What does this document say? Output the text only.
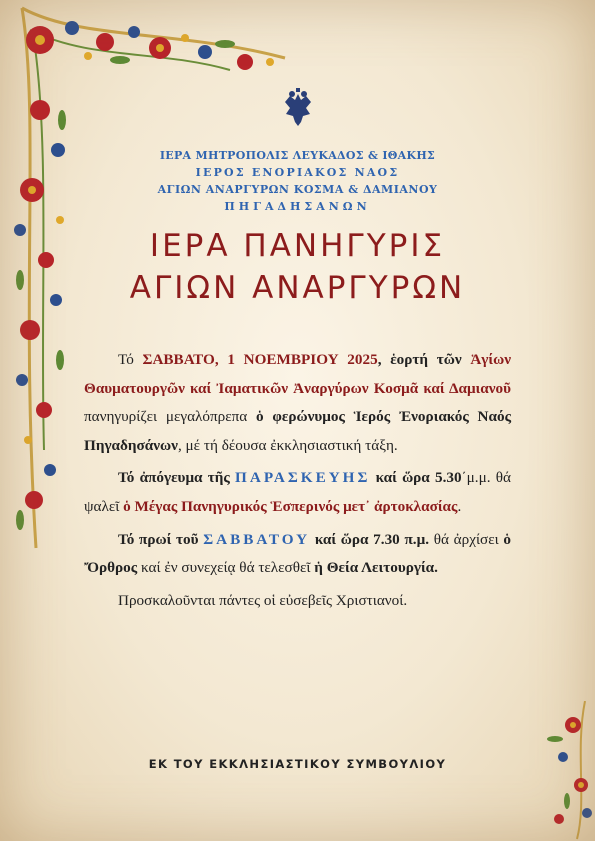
ΙΕΡΑ ΜΗΤΡΟΠΟΛΙΣ ΛΕΥΚΑΔΟΣ & ΙΘΑΚΗΣ
ΙΕΡΟΣ ΕΝΟΡΙΑΚΟΣ ΝΑΟΣ
ΑΓΙΩΝ ΑΝΑΡΓΥΡΩΝ ΚΟΣΜΑ & ΔΑΜΙΑΝΟΥ
ΠΗΓΑΔΗΣΑΝΩΝ
ΙΕΡΑ ΠΑΝΗΓΥΡΙΣ
ΑΓΙΩΝ ΑΝΑΡΓΥΡΩΝ

Τό ΣΑΒΒΑΤΟ, 1 ΝΟΕΜΒΡΙΟΥ 2025, ἑορτή τῶν Ἁγίων Θαυματουργῶν καί Ἰαματικῶν Ἀναργύρων Κοσμᾶ καί Δαμιανοῦ πανηγυρίζει μεγαλόπρεπα ὁ φερώνυμος Ἱερός Ἐνοριακός Ναός Πηγαδησάνων, μέ τή δέουσα ἐκκλησιαστική τάξη.

Τό ἀπόγευμα τῆς ΠΑΡΑΣΚΕΥΗΣ καί ὥρα 5.30΄μ.μ. θά ψαλεῖ ὁ Μέγας Πανηγυρικός Ἑσπερινός μετ᾽ ἀρτοκλασίας.

Τό πρωί τοῦ ΣΑΒΒΑΤΟΥ καί ὥρα 7.30 π.μ. θά ἀρχίσει ὁ Ὄρθρος καί ἐν συνεχείᾳ θά τελεσθεῖ ἡ Θεία Λειτουργία.

Προσκαλοῦνται πάντες οἱ εὐσεβεῖς Χριστιανοί.

ΕΚ ΤΟΥ ΕΚΚΛΗΣΙΑΣΤΙΚΟΥ ΣΥΜΒΟΥΛΙΟΥ
